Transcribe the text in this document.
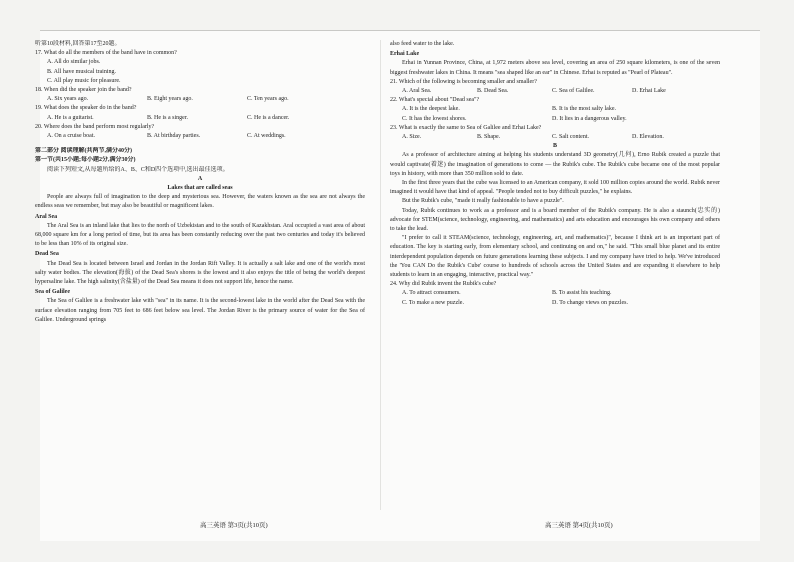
听第10段材料,回答第17至20题。
17. What do all the members of the band have in common?
A. All do similar jobs.
B. All have musical training.
C. All play music for pleasure.
18. When did the speaker join the band?
A. Six years ago.	B. Eight years ago.	C. Ten years ago.
19. What does the speaker do in the band?
A. He is a guitarist.	B. He is a singer.	C. He is a dancer.
20. Where does the band perform most regularly?
A. On a cruise boat.	B. At birthday parties.	C. At weddings.
第二部分 阅读理解(共两节,满分40分)
第一节(共15小题;每小题2分,满分30分)
阅读下列短文,从每题所给的A、B、C和D四个选项中,选出最佳选项。
A
Lakes that are called seas
People are always full of imagination to the deep and mysterious sea. However, the waters known as the sea are not always the endless seas we remember, but may also be beautiful or magnificent lakes.
Aral Sea
The Aral Sea is an inland lake that lies to the north of Uzbekistan and to the south of Kazakhstan. Aral occupied a vast area of about 68,000 square km for a long period of time, but its area has been constantly reducing over the past two centuries and today it's believed to be less than 10% of its original size.
Dead Sea
The Dead Sea is located between Israel and Jordan in the Jordan Rift Valley. It is actually a salt lake and one of the world's most salty water bodies. The elevation(海拔) of the Dead Sea's shores is the lowest and it also enjoys the title of being the world's deepest hypersaline lake. The high salinity(含盐量) of the Dead Sea means it does not support life, hence the name.
Sea of Galilee
The Sea of Galilee is a freshwater lake with "sea" in its name. It is the second-lowest lake in the world after the Dead Sea with the surface elevation ranging from 705 feet to 686 feet below sea level. The Jordan River is the primary source of water for the Sea of Galilee. Underground springs
also feed water to the lake.
Erhai Lake
Erhai in Yunnan Province, China, at 1,972 meters above sea level, covering an area of 250 square kilometers, is one of the seven biggest freshwater lakes in China. It means "sea shaped like an ear" in Chinese. Erhai is reputed as "Pearl of Plateau".
21. Which of the following is becoming smaller and smaller?
A. Aral Sea.	B. Dead Sea.	C. Sea of Galilee.	D. Erhai Lake
22. What's special about "Dead sea"?
A. It is the deepest lake.	B. It is the most salty lake.
C. It has the lowest shores.	D. It lies in a dangerous valley.
23. What is exactly the same to Sea of Galilee and Erhai Lake?
A. Size.	B. Shape.	C. Salt content.	D. Elevation.
B
As a professor of architecture aiming at helping his students understand 3D geometry(几何), Erno Rubik created a puzzle that would captivate(着迷) the imagination of generations to come — the Rubik's cube. The Rubik's cube became one of the most popular toys in history, with more than 350 million sold to date.
In the first three years that the cube was licensed to an American company, it sold 100 million copies around the world. Rubik never imagined it would have that kind of appeal. "People tended not to buy difficult puzzles," he explains.
But the Rubik's cube, "made it really fashionable to have a puzzle".
Today, Rubik continues to work as a professor and is a board member of the Rubik's company. He is also a staunch(忠实的) advocate for STEM(science, technology, engineering, and mathematics) and arts education and encourages his own company and others to take the lead.
"I prefer to call it STEAM(science, technology, engineering, art, and mathematics)", because I think art is an important part of education. The key is starting early, from elementary school, and continuing on and on," he said. "This small blue planet and its entire interdependent population depends on future generations learning these subjects. I and my company have tried to help. We've introduced the 'You CAN Do the Rubik's Cube' course to hundreds of schools across the United States and are expanding it elsewhere to help students to learn in an engaging, interactive, practical way."
24. Why did Rubik invent the Rubik's cube?
A. To attract consumers.	B. To assist his teaching.
C. To make a new puzzle.	D. To change views on puzzles.
高三英语 第3页(共10页)	高三英语 第4页(共10页)
